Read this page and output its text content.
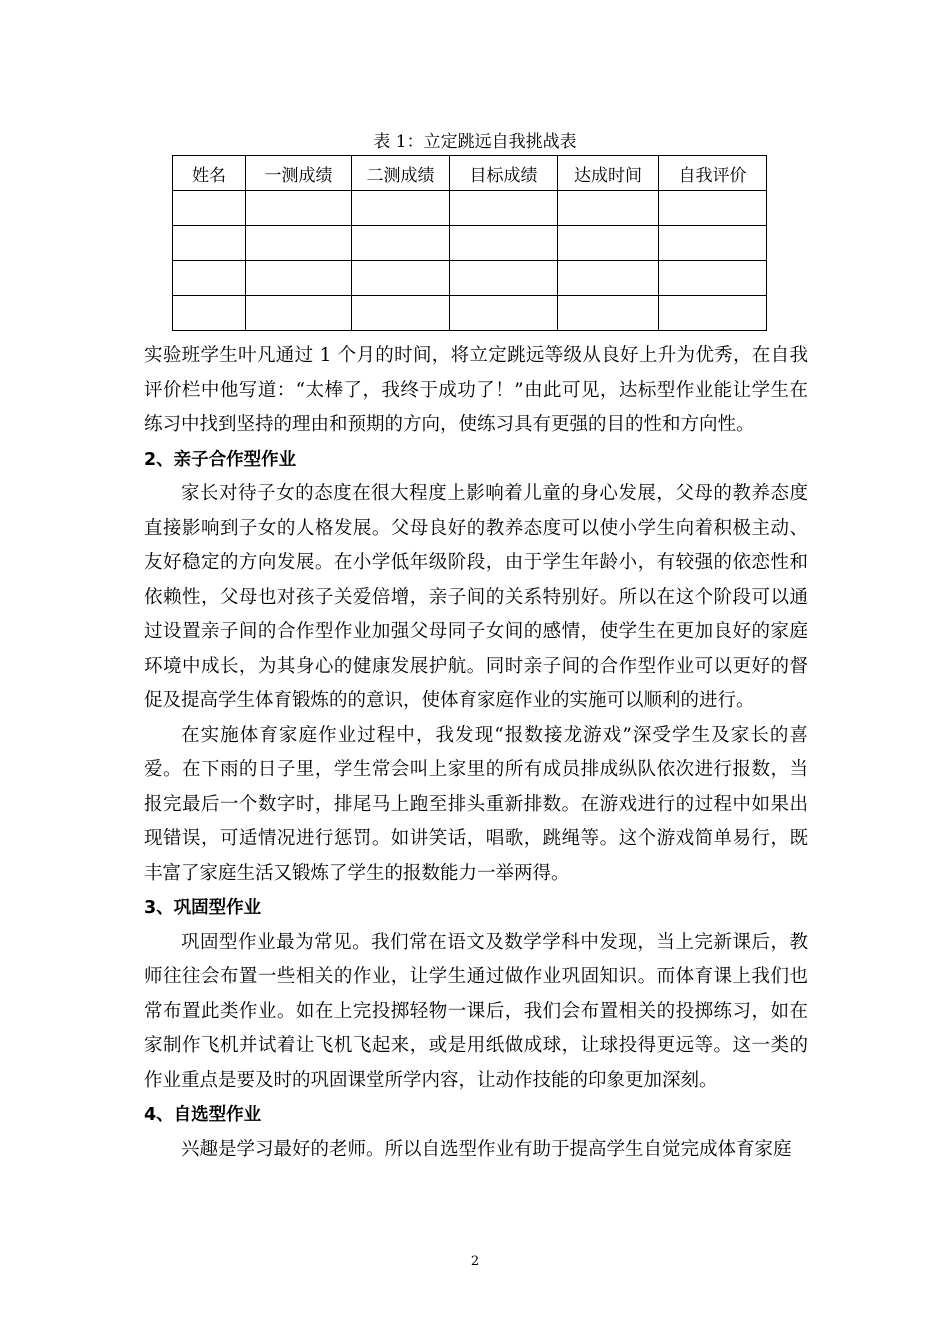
表 1：立定跳远自我挑战表
姓名	一测成绩	二测成绩	目标成绩	达成时间	自我评价

实验班学生叶凡通过 1 个月的时间，将立定跳远等级从良好上升为优秀，在自我评价栏中他写道：“太棒了，我终于成功了！”由此可见，达标型作业能让学生在练习中找到坚持的理由和预期的方向，使练习具有更强的目的性和方向性。

2、亲子合作型作业

家长对待子女的态度在很大程度上影响着儿童的身心发展，父母的教养态度直接影响到子女的人格发展。父母良好的教养态度可以使小学生向着积极主动、友好稳定的方向发展。在小学低年级阶段，由于学生年龄小，有较强的依恋性和依赖性，父母也对孩子关爱倍增，亲子间的关系特别好。所以在这个阶段可以通过设置亲子间的合作型作业加强父母同子女间的感情，使学生在更加良好的家庭环境中成长，为其身心的健康发展护航。同时亲子间的合作型作业可以更好的督促及提高学生体育锻炼的的意识，使体育家庭作业的实施可以顺利的进行。

在实施体育家庭作业过程中，我发现“报数接龙游戏”深受学生及家长的喜爱。在下雨的日子里，学生常会叫上家里的所有成员排成纵队依次进行报数，当报完最后一个数字时，排尾马上跑至排头重新排数。在游戏进行的过程中如果出现错误，可适情况进行惩罚。如讲笑话，唱歌，跳绳等。这个游戏简单易行，既丰富了家庭生活又锻炼了学生的报数能力一举两得。

3、巩固型作业

巩固型作业最为常见。我们常在语文及数学学科中发现，当上完新课后，教师往往会布置一些相关的作业，让学生通过做作业巩固知识。而体育课上我们也常布置此类作业。如在上完投掷轻物一课后，我们会布置相关的投掷练习，如在家制作飞机并试着让飞机飞起来，或是用纸做成球，让球投得更远等。这一类的作业重点是要及时的巩固课堂所学内容，让动作技能的印象更加深刻。

4、自选型作业

兴趣是学习最好的老师。所以自选型作业有助于提高学生自觉完成体育家庭

2
